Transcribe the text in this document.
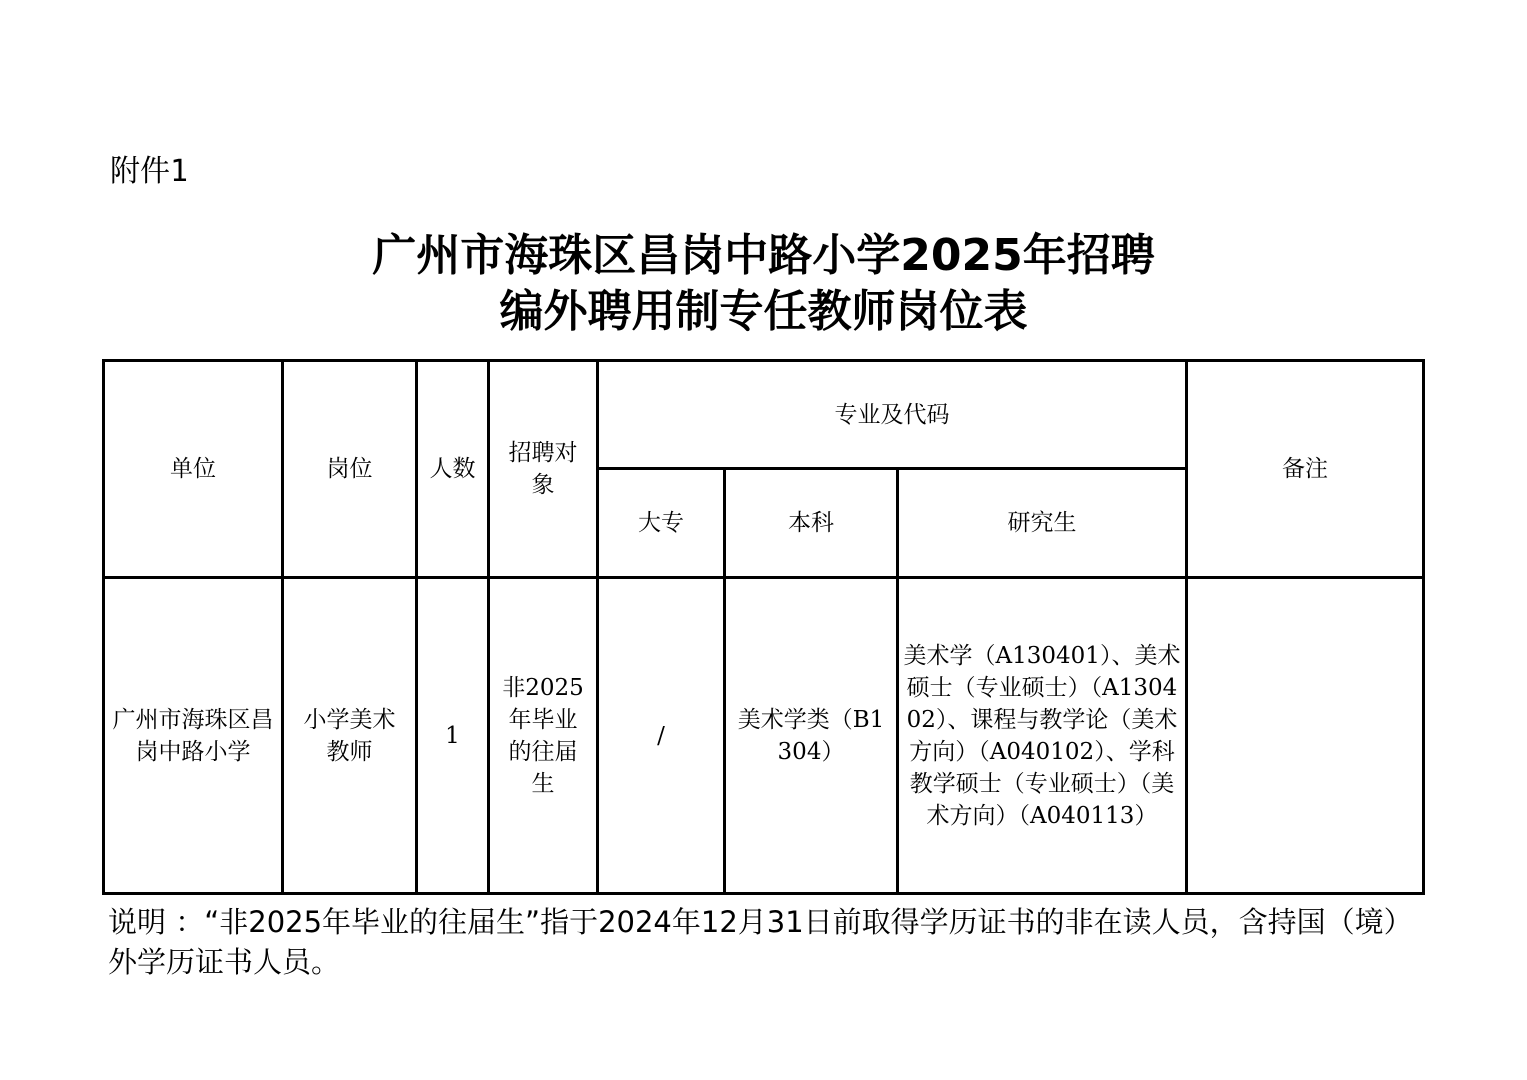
附件1
广州市海珠区昌岗中路小学2025年招聘
编外聘用制专任教师岗位表
单位	岗位	人数	招聘对象	专业及代码			备注
				大专	本科	研究生	
广州市海珠区昌岗中路小学	小学美术教师	1	非2025年毕业的往届生	/	美术学类（B1304）	美术学（A130401）、美术硕士（专业硕士）（A130402）、课程与教学论（美术方向）（A040102）、学科教学硕士（专业硕士）（美术方向）（A040113）	
说明 ：“非2025年毕业的往届生”指于2024年12月31日前取得学历证书的非在读人员，含持国（境）外学历证书人员。
